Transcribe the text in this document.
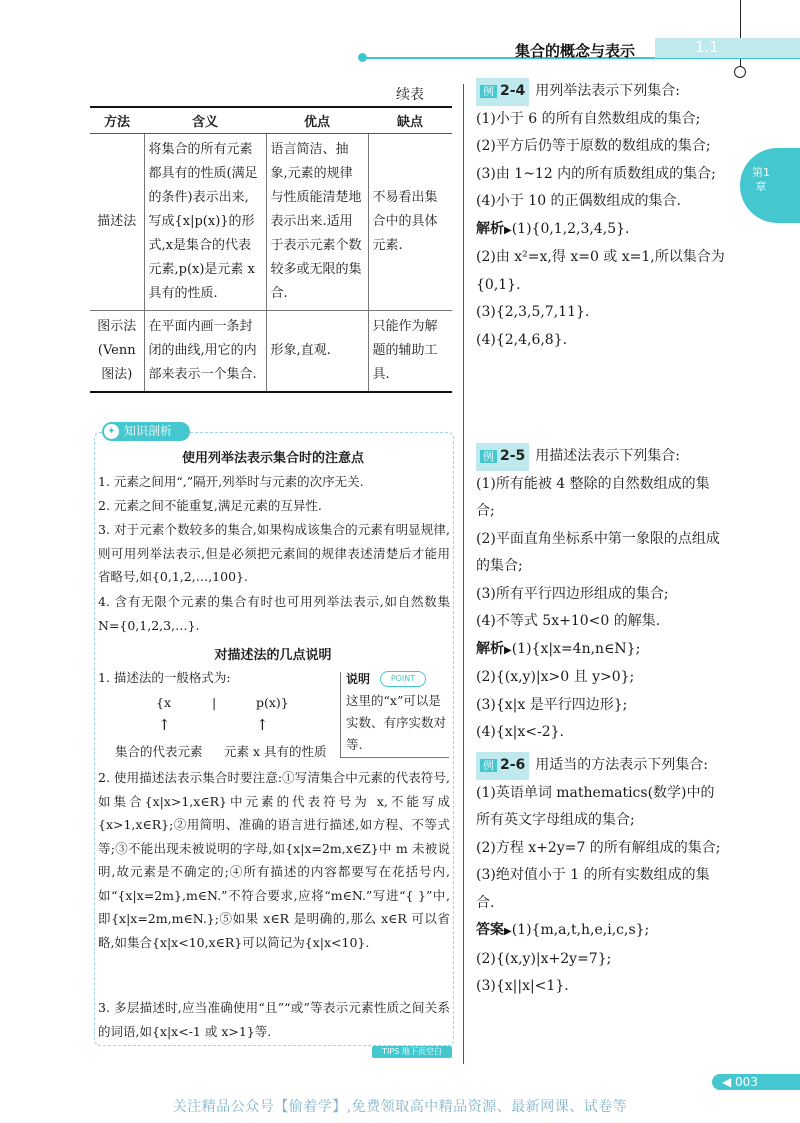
集合的概念与表示	1.1
第1章
续表
方法	含义	优点	缺点
描述法	将集合的所有元素都具有的性质(满足的条件)表示出来,写成{x|p(x)}的形式,x是集合的代表元素,p(x)是元素 x 具有的性质.	语言简洁、抽象,元素的规律与性质能清楚地表示出来.适用于表示元素个数较多或无限的集合.	不易看出集合中的具体元素.
图示法(Venn图法)	在平面内画一条封闭的曲线,用它的内部来表示一个集合.	形象,直观.	只能作为解题的辅助工具.
知识剖析
✦
使用列举法表示集合时的注意点
1. 元素之间用“,”隔开,列举时与元素的次序无关.
2. 元素之间不能重复,满足元素的互异性.
3. 对于元素个数较多的集合,如果构成该集合的元素有明显规律,则可用列举法表示,但是必须把元素间的规律表述清楚后才能用省略号,如{0,1,2,…,100}.
4. 含有无限个元素的集合有时也可用列举法表示,如自然数集 N={0,1,2,3,…}.
对描述法的几点说明
1. 描述法的一般格式为:
{x	|	p(x)}
↑	↑
集合的代表元素 元素 x 具有的性质
说明	POINT
这里的“x”可以是实数、有序实数对等.
2. 使用描述法表示集合时要注意:①写清集合中元素的代表符号,如集合{x|x>1,x∈R}中元素的代表符号为 x,不能写成{x>1,x∈R};②用简明、准确的语言进行描述,如方程、不等式等;③不能出现未被说明的字母,如{x|x=2m,x∈Z}中 m 未被说明,故元素是不确定的;④所有描述的内容都要写在花括号内,如“{x|x=2m},m∈N.”不符合要求,应将“m∈N.”写进“{ }”中,即{x|x=2m,m∈N.};⑤如果 x∈R 是明确的,那么 x∈R 可以省略,如集合{x|x<10,x∈R}可以简记为{x|x<10}.
3. 多层描述时,应当准确使用“且”“或”等表示元素性质之间关系的词语,如{x|x<-1 或 x>1}等.
TIPS 地下页空白
例 2-4 用列举法表示下列集合:
(1)小于 6 的所有自然数组成的集合;
(2)平方后仍等于原数的数组成的集合;
(3)由 1~12 内的所有质数组成的集合;
(4)小于 10 的正偶数组成的集合.
解析▶(1){0,1,2,3,4,5}.
(2)由 x²=x,得 x=0 或 x=1,所以集合为{0,1}.
(3){2,3,5,7,11}.
(4){2,4,6,8}.
例 2-5 用描述法表示下列集合:
(1)所有能被 4 整除的自然数组成的集合;
(2)平面直角坐标系中第一象限的点组成的集合;
(3)所有平行四边形组成的集合;
(4)不等式 5x+10<0 的解集.
解析▶(1){x|x=4n,n∈N};
(2){(x,y)|x>0 且 y>0};
(3){x|x 是平行四边形};
(4){x|x<-2}.
例 2-6 用适当的方法表示下列集合:
(1)英语单词 mathematics(数学)中的所有英文字母组成的集合;
(2)方程 x+2y=7 的所有解组成的集合;
(3)绝对值小于 1 的所有实数组成的集合.
答案▶(1){m,a,t,h,e,i,c,s};
(2){(x,y)|x+2y=7};
(3){x||x|<1}.
◀ 003
关注精品公众号【偷着学】,免费领取高中精品资源、最新网课、试卷等
